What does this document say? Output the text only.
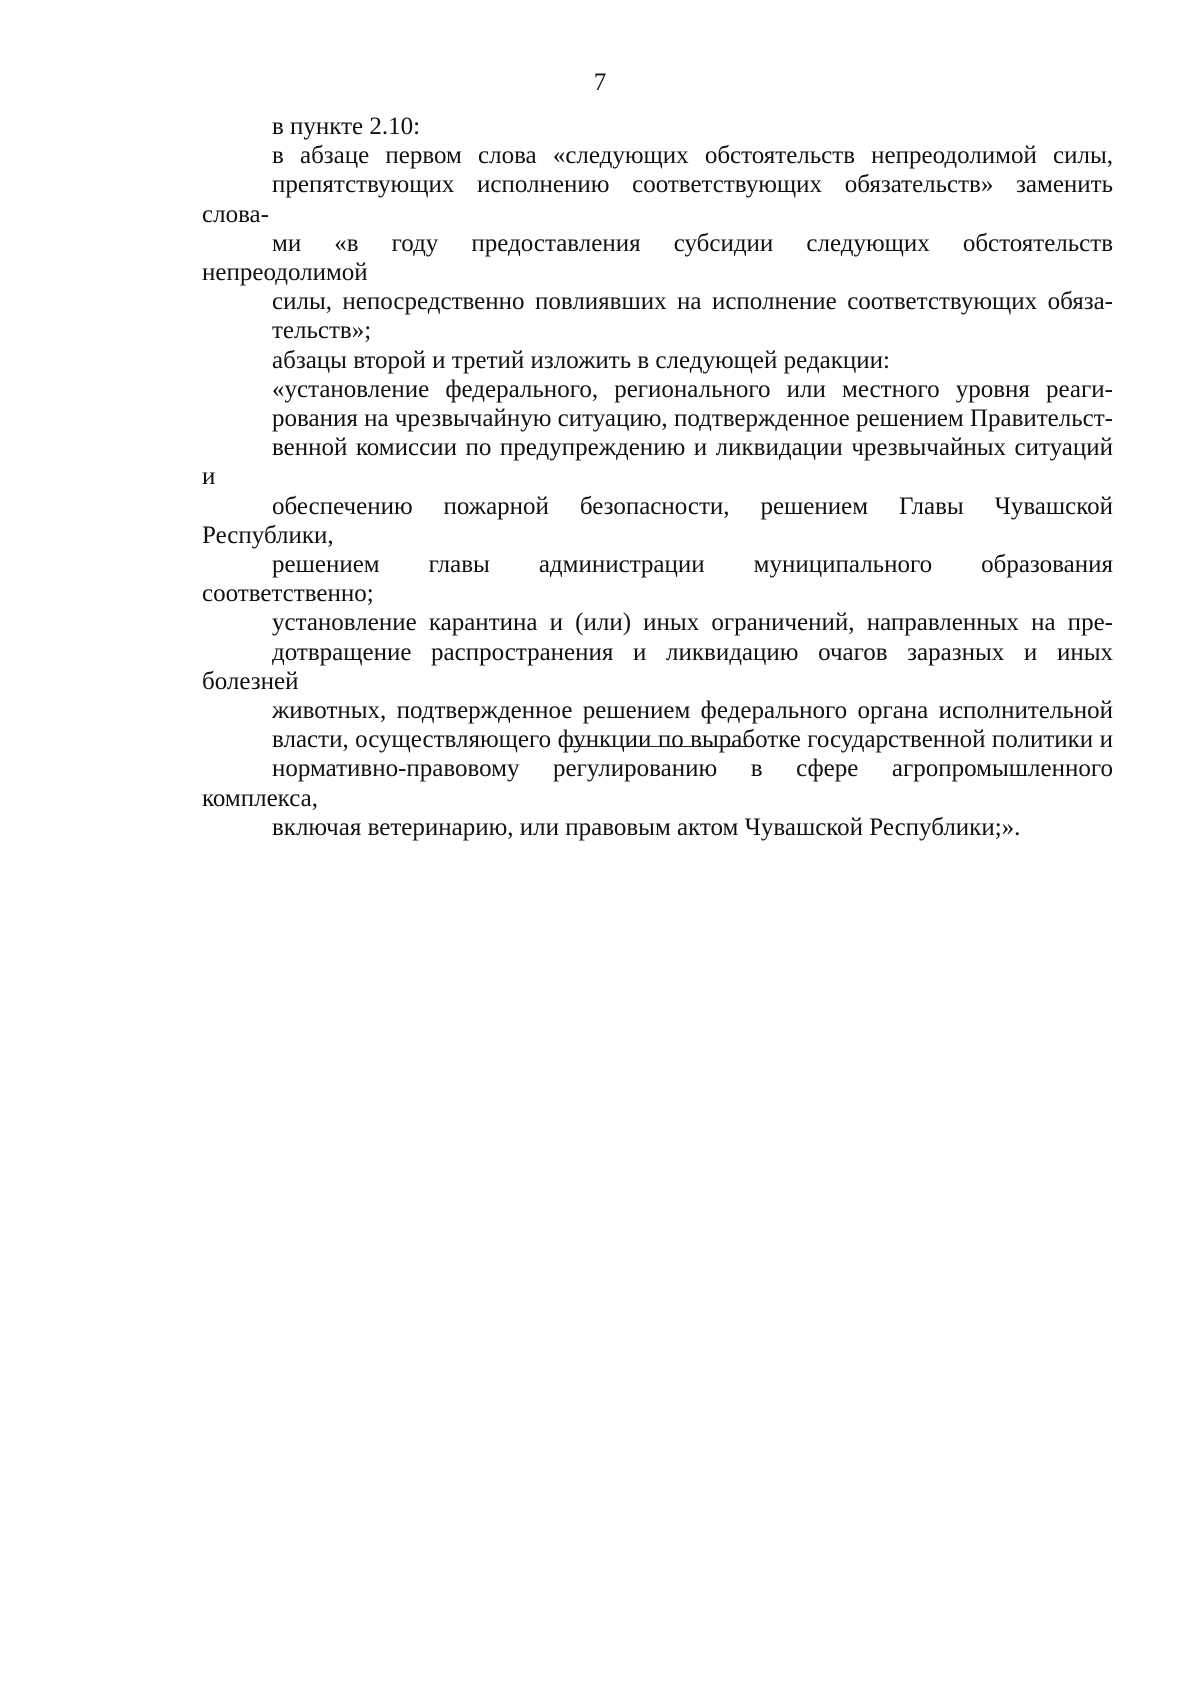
7

в пункте 2.10:

в абзаце первом слова «следующих обстоятельств непреодолимой силы,
препятствующих исполнению соответствующих обязательств» заменить слова-
ми «в году предоставления субсидии следующих обстоятельств непреодолимой
силы, непосредственно повлиявших на исполнение соответствующих обяза-
тельств»;

абзацы второй и третий изложить в следующей редакции:

«установление федерального, регионального или местного уровня реаги-
рования на чрезвычайную ситуацию, подтвержденное решением Правительст-
венной комиссии по предупреждению и ликвидации чрезвычайных ситуаций и
обеспечению пожарной безопасности, решением Главы Чувашской Республики,
решением главы администрации муниципального образования соответственно;

установление карантина и (или) иных ограничений, направленных на пре-
дотвращение распространения и ликвидацию очагов заразных и иных болезней
животных, подтвержденное решением федерального органа исполнительной
власти, осуществляющего функции по выработке государственной политики и
нормативно-правовому регулированию в сфере агропромышленного комплекса,
включая ветеринарию, или правовым актом Чувашской Республики;».
